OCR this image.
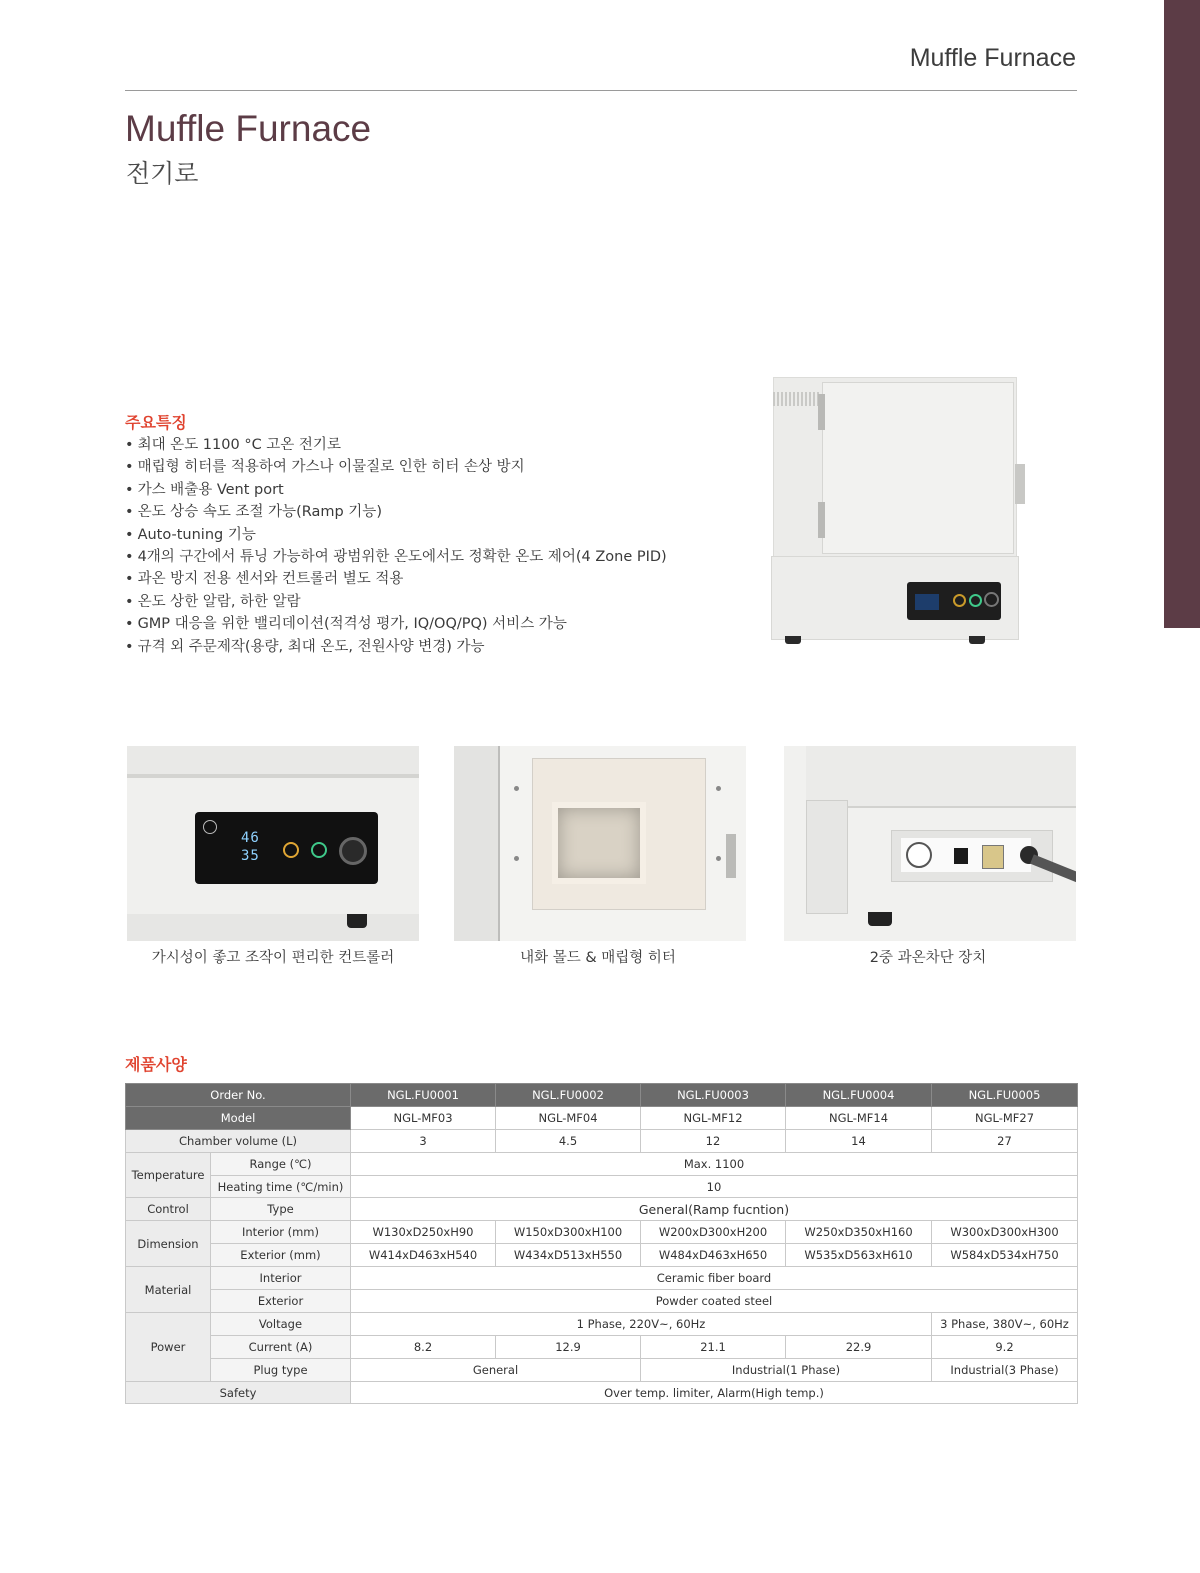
Muffle Furnace
Muffle Furnace
전기로
주요특징
• 최대 온도 1100 °C 고온 전기로
• 매립형 히터를 적용하여 가스나 이물질로 인한 히터 손상 방지
• 가스 배출용 Vent port
• 온도 상승 속도 조절 가능(Ramp 기능)
• Auto-tuning 기능
• 4개의 구간에서 튜닝 가능하여 광범위한 온도에서도 정확한 온도 제어(4 Zone PID)
• 과온 방지 전용 센서와 컨트롤러 별도 적용
• 온도 상한 알람, 하한 알람
• GMP 대응을 위한 밸리데이션(적격성 평가, IQ/OQ/PQ) 서비스 가능
• 규격 외 주문제작(용량, 최대 온도, 전원사양 변경) 가능
46
35
가시성이 좋고 조작이 편리한 컨트롤러	내화 몰드 & 매립형 히터	2중 과온차단 장치
제품사양
Order No.		NGL.FU0001	NGL.FU0002	NGL.FU0003	NGL.FU0004	NGL.FU0005
Model		NGL-MF03	NGL-MF04	NGL-MF12	NGL-MF14	NGL-MF27
Chamber volume (L)		3	4.5	12	14	27
Temperature	Range (℃)	Max. 1100				
	Heating time (℃/min)	10				
Control	Type	General(Ramp fucntion)				
Dimension	Interior (mm)	W130xD250xH90	W150xD300xH100	W200xD300xH200	W250xD350xH160	W300xD300xH300
	Exterior (mm)	W414xD463xH540	W434xD513xH550	W484xD463xH650	W535xD563xH610	W584xD534xH750
Material	Interior	Ceramic fiber board				
	Exterior	Powder coated steel				
Power	Voltage	1 Phase, 220V~, 60Hz				3 Phase, 380V~, 60Hz
	Current (A)	8.2	12.9	21.1	22.9	9.2
	Plug type	General		Industrial(1 Phase)		Industrial(3 Phase)
Safety		Over temp. limiter, Alarm(High temp.)				
